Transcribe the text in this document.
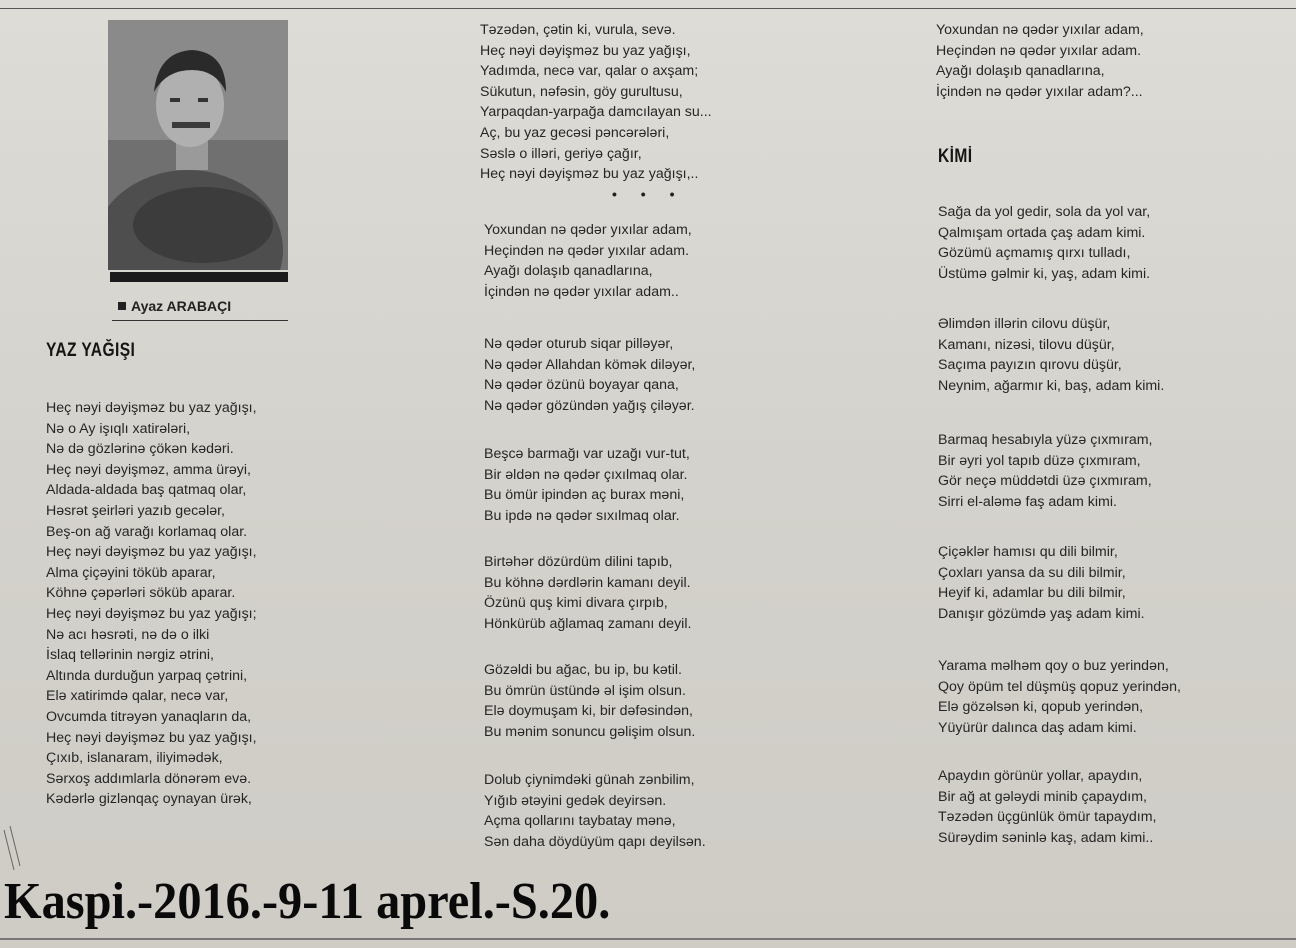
Ayaz ARABAÇI
YAZ YAĞIŞI
Heç nəyi dəyişməz bu yaz yağışı,
Nə o Ay işıqlı xatirələri,
Nə də gözlərinə çökən kədəri.
Heç nəyi dəyişməz, amma ürəyi,
Aldada-aldada baş qatmaq olar,
Həsrət şeirləri yazıb gecələr,
Beş-on ağ varağı korlamaq olar.
Heç nəyi dəyişməz bu yaz yağışı,
Alma çiçəyini töküb aparar,
Köhnə çəpərləri söküb aparar.
Heç nəyi dəyişməz bu yaz yağışı;
Nə acı həsrəti, nə də o ilki
İslaq tellərinin nərgiz ətrini,
Altında durduğun yarpaq çətrini,
Elə xatirimdə qalar, necə var,
Ovcumda titrəyən yanaqların da,
Heç nəyi dəyişməz bu yaz yağışı,
Çıxıb, islanaram, iliyimədək,
Sərxoş addımlarla dönərəm evə.
Kədərlə gizlənqaç oynayan ürək,
Təzədən, çətin ki, vurula, sevə.
Heç nəyi dəyişməz bu yaz yağışı,
Yadımda, necə var, qalar o axşam;
Sükutun, nəfəsin, göy gurultusu,
Yarpaqdan-yarpağa damcılayan su...
Aç, bu yaz gecəsi pəncərələri,
Səslə o illəri, geriyə çağır,
Heç nəyi dəyişməz bu yaz yağışı,..
• • •
Yoxundan nə qədər yıxılar adam,
Heçindən nə qədər yıxılar adam.
Ayağı dolaşıb qanadlarına,
İçindən nə qədər yıxılar adam..
Nə qədər oturub siqar pilləyər,
Nə qədər Allahdan kömək diləyər,
Nə qədər özünü boyayar qana,
Nə qədər gözündən yağış çiləyər.
Beşcə barmağı var uzağı vur-tut,
Bir əldən nə qədər çıxılmaq olar.
Bu ömür ipindən aç burax məni,
Bu ipdə nə qədər sıxılmaq olar.
Birtəhər dözürdüm dilini tapıb,
Bu köhnə dərdlərin kamanı deyil.
Özünü quş kimi divara çırpıb,
Hönkürüb ağlamaq zamanı deyil.
Gözəldi bu ağac, bu ip, bu kətil.
Bu ömrün üstündə əl işim olsun.
Elə doymuşam ki, bir dəfəsindən,
Bu mənim sonuncu gəlişim olsun.
Dolub çiynimdəki günah zənbilim,
Yığıb ətəyini gedək deyirsən.
Açma qollarını taybatay mənə,
Sən daha döydüyüm qapı deyilsən.
Yoxundan nə qədər yıxılar adam,
Heçindən nə qədər yıxılar adam.
Ayağı dolaşıb qanadlarına,
İçindən nə qədər yıxılar adam?...
KİMİ
Sağa da yol gedir, sola da yol var,
Qalmışam ortada çaş adam kimi.
Gözümü açmamış qırxı tulladı,
Üstümə gəlmir ki, yaş, adam kimi.
Əlimdən illərin cilovu düşür,
Kamanı, nizəsi, tilovu düşür,
Saçıma payızın qırovu düşür,
Neynim, ağarmır ki, baş, adam kimi.
Barmaq hesabıyla yüzə çıxmıram,
Bir əyri yol tapıb düzə çıxmıram,
Gör neçə müddətdi üzə çıxmıram,
Sirri el-aləmə faş adam kimi.
Çiçəklər hamısı qu dili bilmir,
Çoxları yansa da su dili bilmir,
Heyif ki, adamlar bu dili bilmir,
Danışır gözümdə yaş adam kimi.
Yarama məlhəm qoy o buz yerindən,
Qoy öpüm tel düşmüş qopuz yerindən,
Elə gözəlsən ki, qopub yerindən,
Yüyürür dalınca daş adam kimi.
Apaydın görünür yollar, apaydın,
Bir ağ at gələydi minib çapaydım,
Təzədən üçgünlük ömür tapaydım,
Sürəydim səninlə kaş, adam kimi..
Kaspi.-2016.-9-11 aprel.-S.20.
